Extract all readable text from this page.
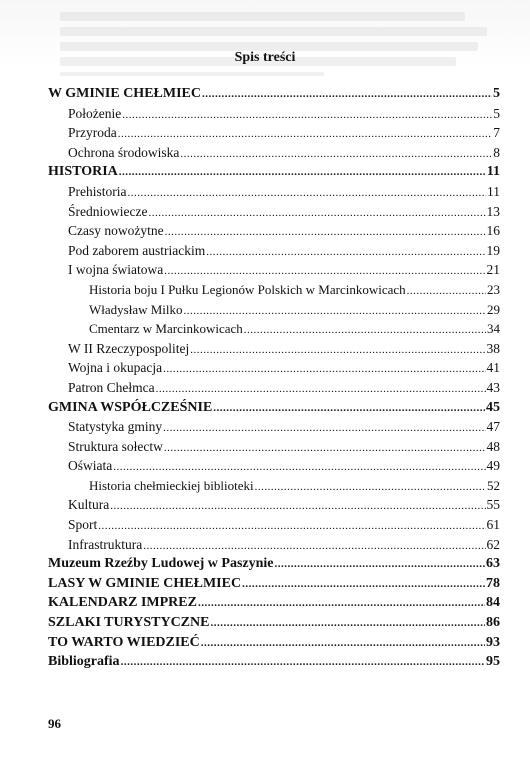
Spis treści
W GMINIE CHEŁMIEC .....	5
Położenie .....	5
Przyroda .....	7
Ochrona środowiska .....	8
HISTORIA .....	11
Prehistoria .....	11
Średniowiecze .....	13
Czasy nowożytne .....	16
Pod zaborem austriackim .....	19
I wojna światowa .....	21
Historia boju I Pułku Legionów Polskich w Marcinkowicach .....	23
Władysław Milko .....	29
Cmentarz w Marcinkowicach .....	34
W II Rzeczypospolitej .....	38
Wojna i okupacja .....	41
Patron Chełmca .....	43
GMINA WSPÓŁCZEŚNIE .....	45
Statystyka gminy .....	47
Struktura sołectw .....	48
Oświata .....	49
Historia chełmieckiej biblioteki .....	52
Kultura .....	55
Sport .....	61
Infrastruktura .....	62
Muzeum Rzeźby Ludowej w Paszynie .....	63
LASY W GMINIE CHEŁMIEC .....	78
KALENDARZ IMPREZ .....	84
SZLAKI TURYSTYCZNE .....	86
TO WARTO WIEDZIEĆ .....	93
Bibliografia .....	95
96
